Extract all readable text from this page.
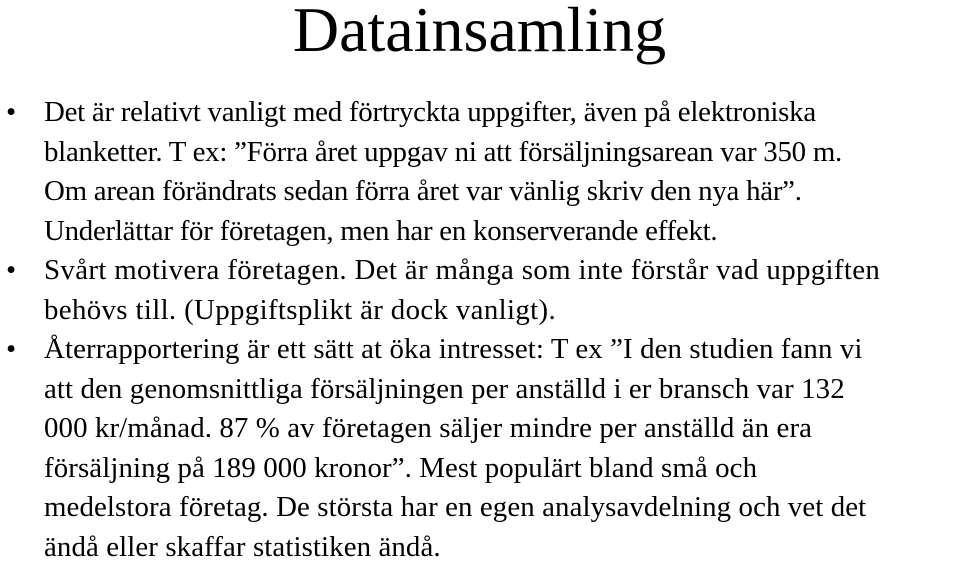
Datainsamling
• Det är relativt vanligt med förtryckta uppgifter, även på elektroniska
blanketter. T ex: ”Förra året uppgav ni att försäljningsarean var 350 m.
Om arean förändrats sedan förra året var vänlig skriv den nya här”.
Underlättar för företagen, men har en konserverande effekt.
• Svårt motivera företagen. Det är många som inte förstår vad uppgiften
behövs till. (Uppgiftsplikt är dock vanligt).
• Återrapportering är ett sätt at öka intresset: T ex ”I den studien fann vi
att den genomsnittliga försäljningen per anställd i er bransch var 132
000 kr/månad. 87 % av företagen säljer mindre per anställd än era
försäljning på 189 000 kronor”. Mest populärt bland små och
medelstora företag. De största har en egen analysavdelning och vet det
ändå eller skaffar statistiken ändå.
